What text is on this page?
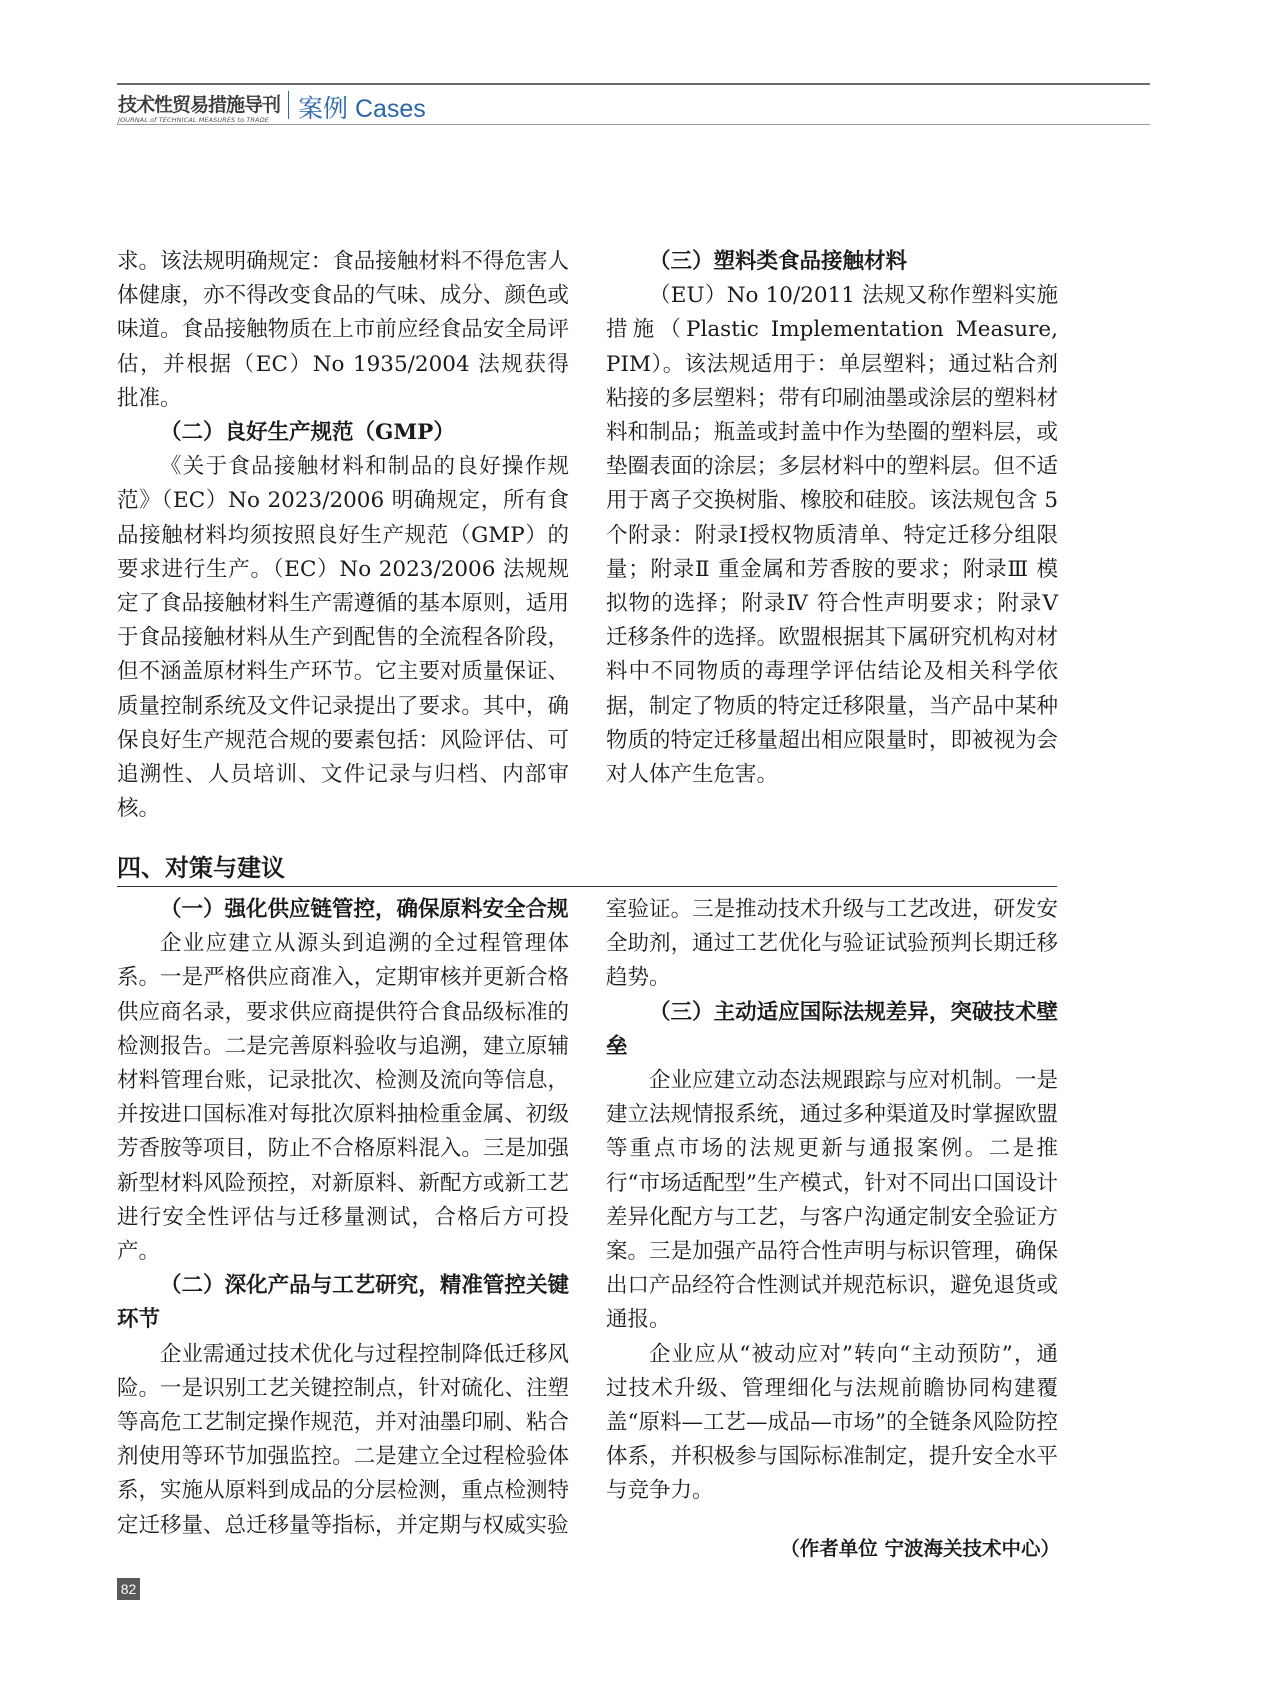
技术性贸易措施导刊
JOURNAL of TECHNICAL MEASURES to TRADE	案例 Cases

求。该法规明确规定：食品接触材料不得危害人体健康，亦不得改变食品的气味、成分、颜色或味道。食品接触物质在上市前应经食品安全局评估，并根据（EC）No 1935/2004 法规获得批准。

（二）良好生产规范（GMP）

《关于食品接触材料和制品的良好操作规范》（EC）No 2023/2006 明确规定，所有食品接触材料均须按照良好生产规范（GMP）的要求进行生产。（EC）No 2023/2006 法规规定了食品接触材料生产需遵循的基本原则，适用于食品接触材料从生产到配售的全流程各阶段，但不涵盖原材料生产环节。它主要对质量保证、质量控制系统及文件记录提出了要求。其中，确保良好生产规范合规的要素包括：风险评估、可追溯性、人员培训、文件记录与归档、内部审核。

（三）塑料类食品接触材料

（EU）No 10/2011 法规又称作塑料实施措施（Plastic Implementation Measure, PIM）。该法规适用于：单层塑料；通过粘合剂粘接的多层塑料；带有印刷油墨或涂层的塑料材料和制品；瓶盖或封盖中作为垫圈的塑料层，或垫圈表面的涂层；多层材料中的塑料层。但不适用于离子交换树脂、橡胶和硅胶。该法规包含 5 个附录：附录Ⅰ授权物质清单、特定迁移分组限量；附录Ⅱ 重金属和芳香胺的要求；附录Ⅲ 模拟物的选择；附录Ⅳ 符合性声明要求；附录Ⅴ 迁移条件的选择。欧盟根据其下属研究机构对材料中不同物质的毒理学评估结论及相关科学依据，制定了物质的特定迁移限量，当产品中某种物质的特定迁移量超出相应限量时，即被视为会对人体产生危害。

四、对策与建议

（一）强化供应链管控，确保原料安全合规

企业应建立从源头到追溯的全过程管理体系。一是严格供应商准入，定期审核并更新合格供应商名录，要求供应商提供符合食品级标准的检测报告。二是完善原料验收与追溯，建立原辅材料管理台账，记录批次、检测及流向等信息，并按进口国标准对每批次原料抽检重金属、初级芳香胺等项目，防止不合格原料混入。三是加强新型材料风险预控，对新原料、新配方或新工艺进行安全性评估与迁移量测试，合格后方可投产。

（二）深化产品与工艺研究，精准管控关键环节

企业需通过技术优化与过程控制降低迁移风险。一是识别工艺关键控制点，针对硫化、注塑等高危工艺制定操作规范，并对油墨印刷、粘合剂使用等环节加强监控。二是建立全过程检验体系，实施从原料到成品的分层检测，重点检测特定迁移量、总迁移量等指标，并定期与权威实验

室验证。三是推动技术升级与工艺改进，研发安全助剂，通过工艺优化与验证试验预判长期迁移趋势。

（三）主动适应国际法规差异，突破技术壁垒

企业应建立动态法规跟踪与应对机制。一是建立法规情报系统，通过多种渠道及时掌握欧盟等重点市场的法规更新与通报案例。二是推行“市场适配型”生产模式，针对不同出口国设计差异化配方与工艺，与客户沟通定制安全验证方案。三是加强产品符合性声明与标识管理，确保出口产品经符合性测试并规范标识，避免退货或通报。

企业应从“被动应对”转向“主动预防”，通过技术升级、管理细化与法规前瞻协同构建覆盖“原料—工艺—成品—市场”的全链条风险防控体系，并积极参与国际标准制定，提升安全水平与竞争力。

（作者单位 宁波海关技术中心）
82
